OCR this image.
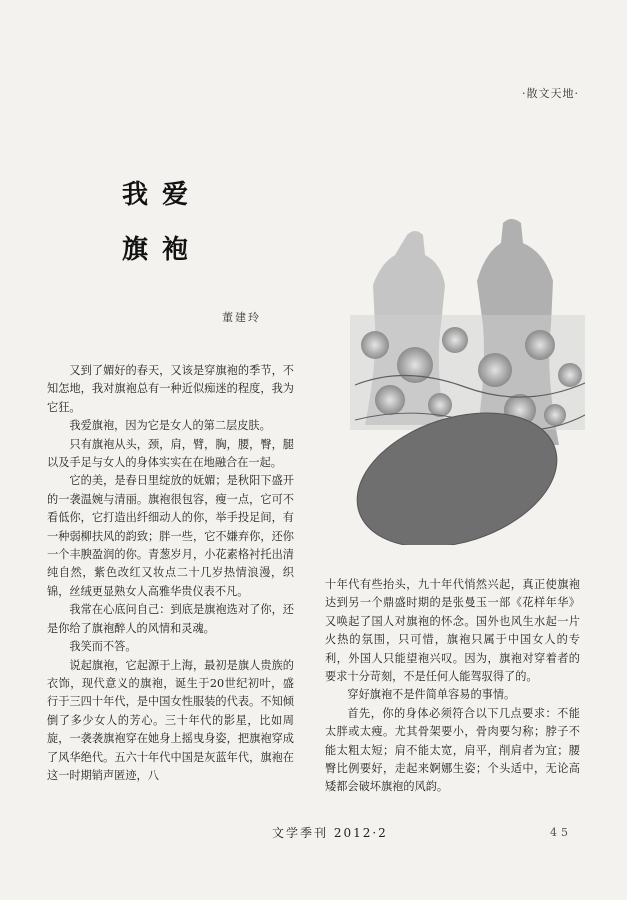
·散文天地·
我爱
旗袍
董建玲

又到了媚好的春天，又该是穿旗袍的季节，不知怎地，我对旗袍总有一种近似痴迷的程度，我为它狂。

我爱旗袍，因为它是女人的第二层皮肤。

只有旗袍从头，颈，肩，臂，胸，腰，臀，腿以及手足与女人的身体实实在在地融合在一起。

它的美，是春日里绽放的妩媚；是秋阳下盛开的一袭温婉与清丽。旗袍很包容，瘦一点，它可不看低你，它打造出纤细动人的你，举手投足间，有一种弱柳扶风的韵致；胖一些，它不嫌弃你，还你一个丰腴盈润的你。青葱岁月，小花素格衬托出清纯自然，紫色改红又妆点二十几岁热情浪漫，织锦，丝绒更显熟女人高雅华贵仪表不凡。

我常在心底问自己：到底是旗袍选对了你，还是你给了旗袍醉人的风情和灵魂。

我笑而不答。

说起旗袍，它起源于上海，最初是旗人贵族的衣饰，现代意义的旗袍，诞生于20世纪初叶，盛行于三四十年代，是中国女性服装的代表。不知倾倒了多少女人的芳心。三十年代的影星，比如周旋，一袭袭旗袍穿在她身上摇曳身姿，把旗袍穿成了风华绝代。五六十年代中国是灰蓝年代，旗袍在这一时期销声匿迹，八

十年代有些抬头，九十年代悄然兴起，真正使旗袍达到另一个鼎盛时期的是张曼玉一部《花样年华》又唤起了国人对旗袍的怀念。国外也风生水起一片火热的氛围，只可惜，旗袍只属于中国女人的专利，外国人只能望袍兴叹。因为，旗袍对穿着者的要求十分苛刻，不是任何人能驾驭得了的。

穿好旗袍不是件简单容易的事情。

首先，你的身体必须符合以下几点要求：不能太胖或太瘦。尤其骨架要小，骨肉要匀称；脖子不能太粗太短；肩不能太宽，肩平，削肩者为宜；腰臀比例要好，走起来婀娜生姿；个头适中，无论高矮都会破坏旗袍的风韵。

文学季刊 2012·2	45
